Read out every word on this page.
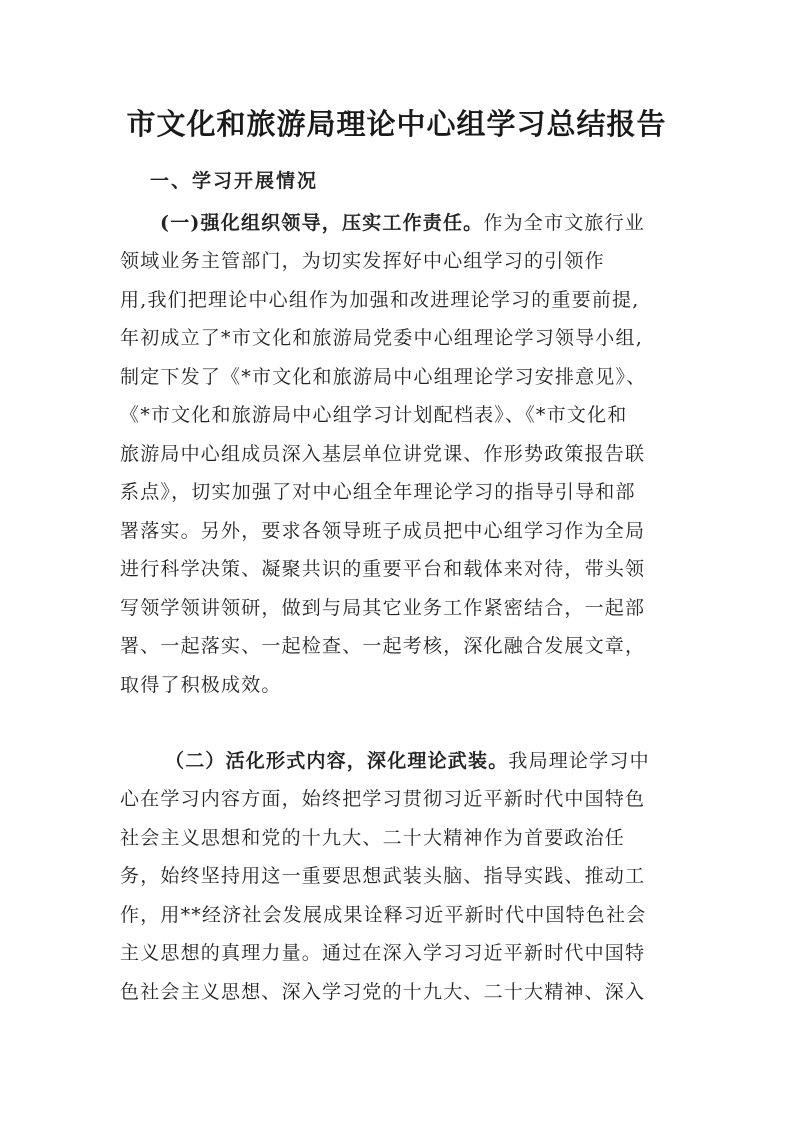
市文化和旅游局理论中心组学习总结报告
一、学习开展情况
(一)强化组织领导，压实工作责任。作为全市文旅行业
领域业务主管部门，为切实发挥好中心组学习的引领作
用,我们把理论中心组作为加强和改进理论学习的重要前提,
年初成立了*市文化和旅游局党委中心组理论学习领导小组,
制定下发了《*市文化和旅游局中心组理论学习安排意见》、
《*市文化和旅游局中心组学习计划配档表》、《*市文化和
旅游局中心组成员深入基层单位讲党课、作形势政策报告联
系点》，切实加强了对中心组全年理论学习的指导引导和部
署落实。另外，要求各领导班子成员把中心组学习作为全局
进行科学决策、凝聚共识的重要平台和载体来对待，带头领
写领学领讲领研，做到与局其它业务工作紧密结合，一起部
署、一起落实、一起检查、一起考核，深化融合发展文章，
取得了积极成效。
（二）活化形式内容，深化理论武装。我局理论学习中
心在学习内容方面，始终把学习贯彻习近平新时代中国特色
社会主义思想和党的十九大、二十大精神作为首要政治任
务，始终坚持用这一重要思想武装头脑、指导实践、推动工
作，用**经济社会发展成果诠释习近平新时代中国特色社会
主义思想的真理力量。通过在深入学习习近平新时代中国特
色社会主义思想、深入学习党的十九大、二十大精神、深入
